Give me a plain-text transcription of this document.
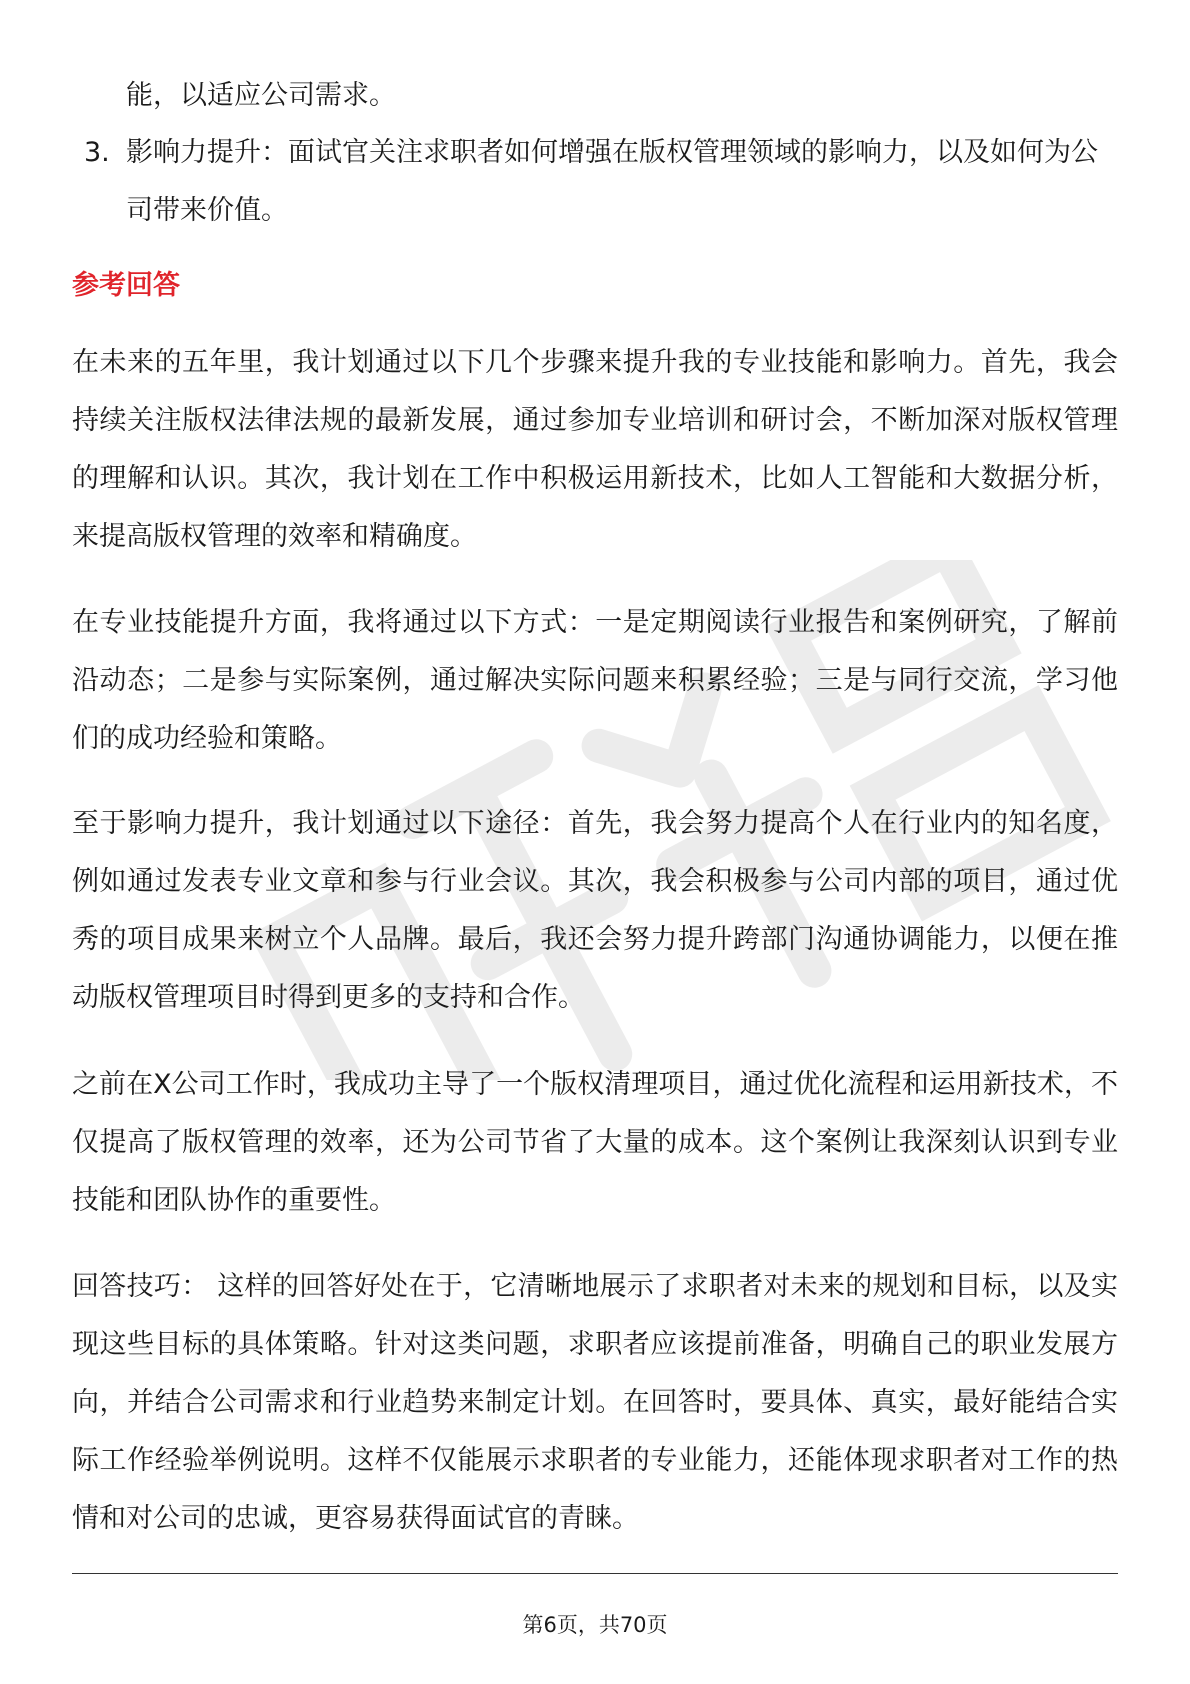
能，以适应公司需求。

3. 影响力提升：面试官关注求职者如何增强在版权管理领域的影响力，以及如何为公司带来价值。
参考回答

在未来的五年里，我计划通过以下几个步骤来提升我的专业技能和影响力。首先，我会持续关注版权法律法规的最新发展，通过参加专业培训和研讨会，不断加深对版权管理的理解和认识。其次，我计划在工作中积极运用新技术，比如人工智能和大数据分析，来提高版权管理的效率和精确度。

在专业技能提升方面，我将通过以下方式：一是定期阅读行业报告和案例研究，了解前沿动态；二是参与实际案例，通过解决实际问题来积累经验；三是与同行交流，学习他们的成功经验和策略。

至于影响力提升，我计划通过以下途径：首先，我会努力提高个人在行业内的知名度，例如通过发表专业文章和参与行业会议。其次，我会积极参与公司内部的项目，通过优秀的项目成果来树立个人品牌。最后，我还会努力提升跨部门沟通协调能力，以便在推动版权管理项目时得到更多的支持和合作。

之前在X公司工作时，我成功主导了一个版权清理项目，通过优化流程和运用新技术，不仅提高了版权管理的效率，还为公司节省了大量的成本。这个案例让我深刻认识到专业技能和团队协作的重要性。

回答技巧： 这样的回答好处在于，它清晰地展示了求职者对未来的规划和目标，以及实现这些目标的具体策略。针对这类问题，求职者应该提前准备，明确自己的职业发展方向，并结合公司需求和行业趋势来制定计划。在回答时，要具体、真实，最好能结合实际工作经验举例说明。这样不仅能展示求职者的专业能力，还能体现求职者对工作的热情和对公司的忠诚，更容易获得面试官的青睐。

第6页，共70页
